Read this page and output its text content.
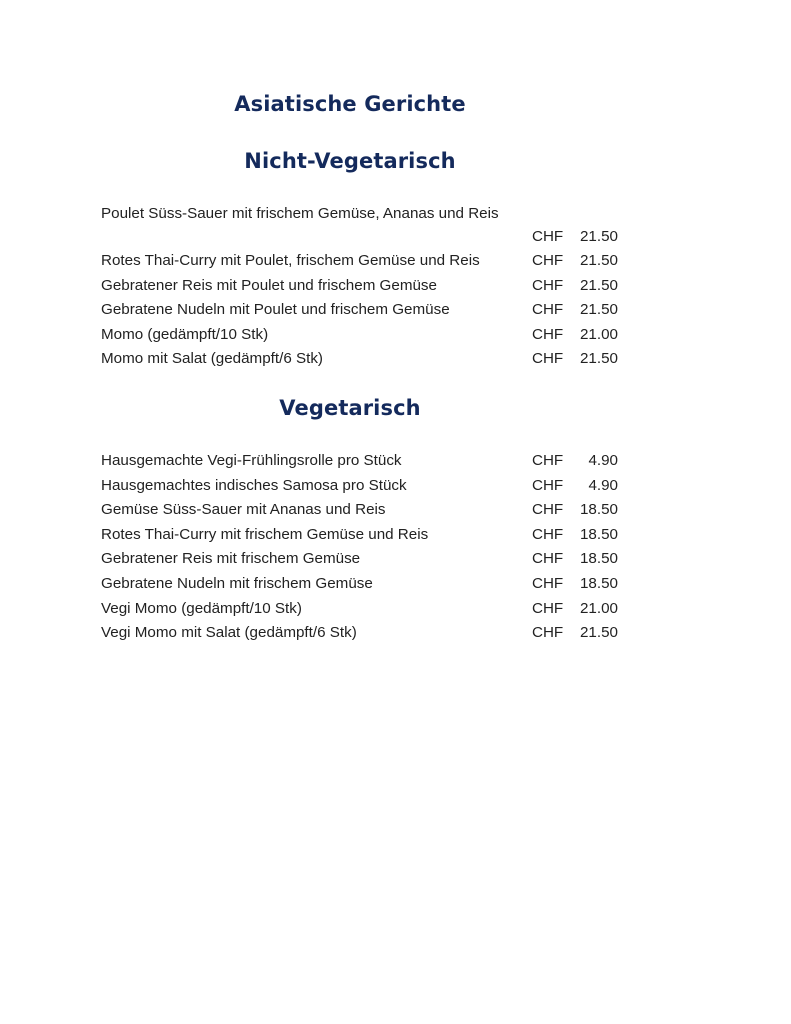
Asiatische Gerichte
Nicht-Vegetarisch
Poulet Süss-Sauer mit frischem Gemüse, Ananas und Reis
CHF	21.50
Rotes Thai-Curry mit Poulet, frischem Gemüse und Reis	CHF	21.50
Gebratener Reis mit Poulet und frischem Gemüse	CHF	21.50
Gebratene Nudeln mit Poulet und frischem Gemüse	CHF	21.50
Momo (gedämpft/10 Stk)	CHF	21.00
Momo mit Salat (gedämpft/6 Stk)	CHF	21.50
Vegetarisch
Hausgemachte Vegi-Frühlingsrolle pro Stück	CHF	4.90
Hausgemachtes indisches Samosa pro Stück	CHF	4.90
Gemüse Süss-Sauer mit Ananas und Reis	CHF	18.50
Rotes Thai-Curry mit frischem Gemüse und Reis	CHF	18.50
Gebratener Reis mit frischem Gemüse	CHF	18.50
Gebratene Nudeln mit frischem Gemüse	CHF	18.50
Vegi Momo (gedämpft/10 Stk)	CHF	21.00
Vegi Momo mit Salat (gedämpft/6 Stk)	CHF	21.50
